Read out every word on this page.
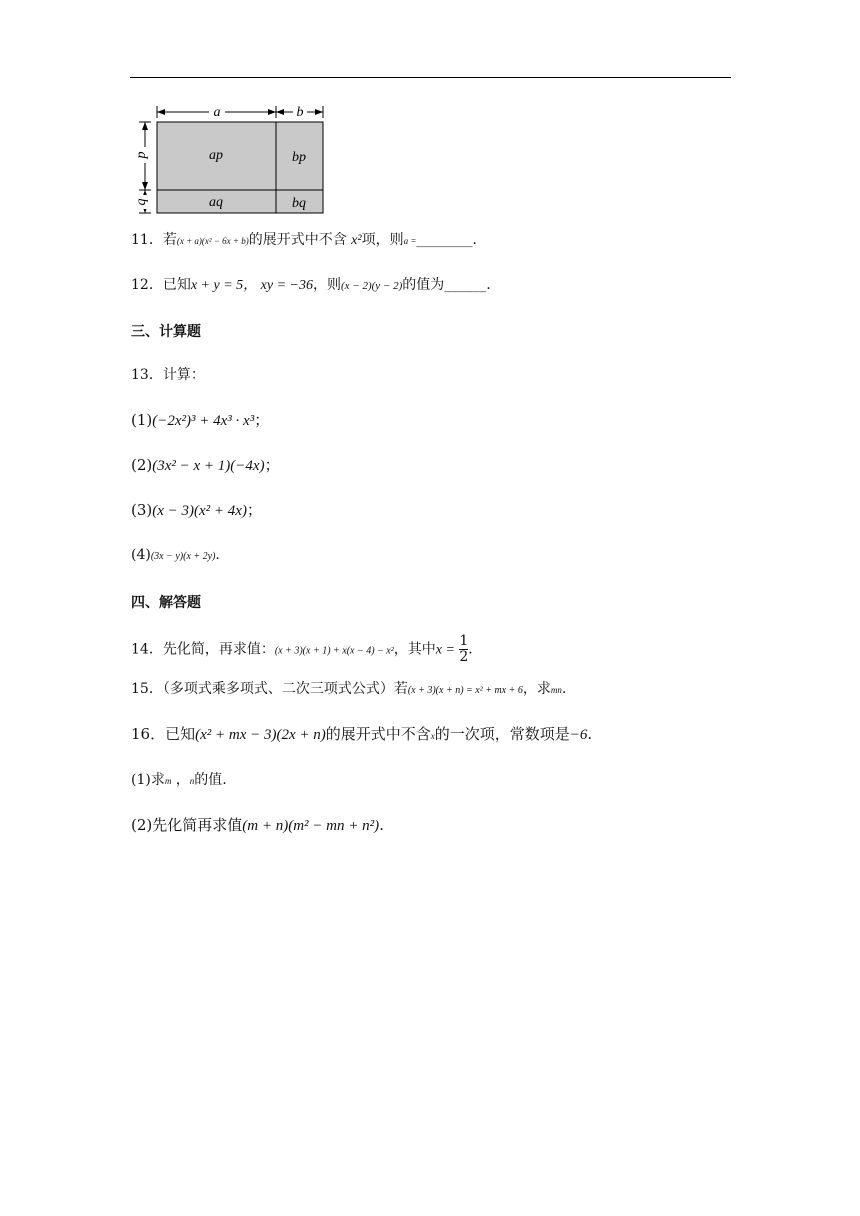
a	b
p
q
ap	bp
aq	bq
11．若(x + a)(x² − 6x + b)的展开式中不含 x²项，则a =________.
12．已知x + y = 5， xy = −36，则(x − 2)(y − 2)的值为______.
三、计算题
13．计算：
(1)(−2x²)³ + 4x³ · x³；
(2)(3x² − x + 1)(−4x)；
(3)(x − 3)(x² + 4x)；
(4)(3x − y)(x + 2y).
四、解答题
14．先化简，再求值：(x + 3)(x + 1) + x(x − 4) − x²，其中$x = \frac{1}{2}$ .
15．（多项式乘多项式、二次三项式公式）若(x + 3)(x + n) = x² + mx + 6，求mn.
16．已知(x² + mx − 3)(2x + n)的展开式中不含x的一次项，常数项是−6.
(1)求m ，n的值.
(2)先化简再求值(m + n)(m² − mn + n²).
